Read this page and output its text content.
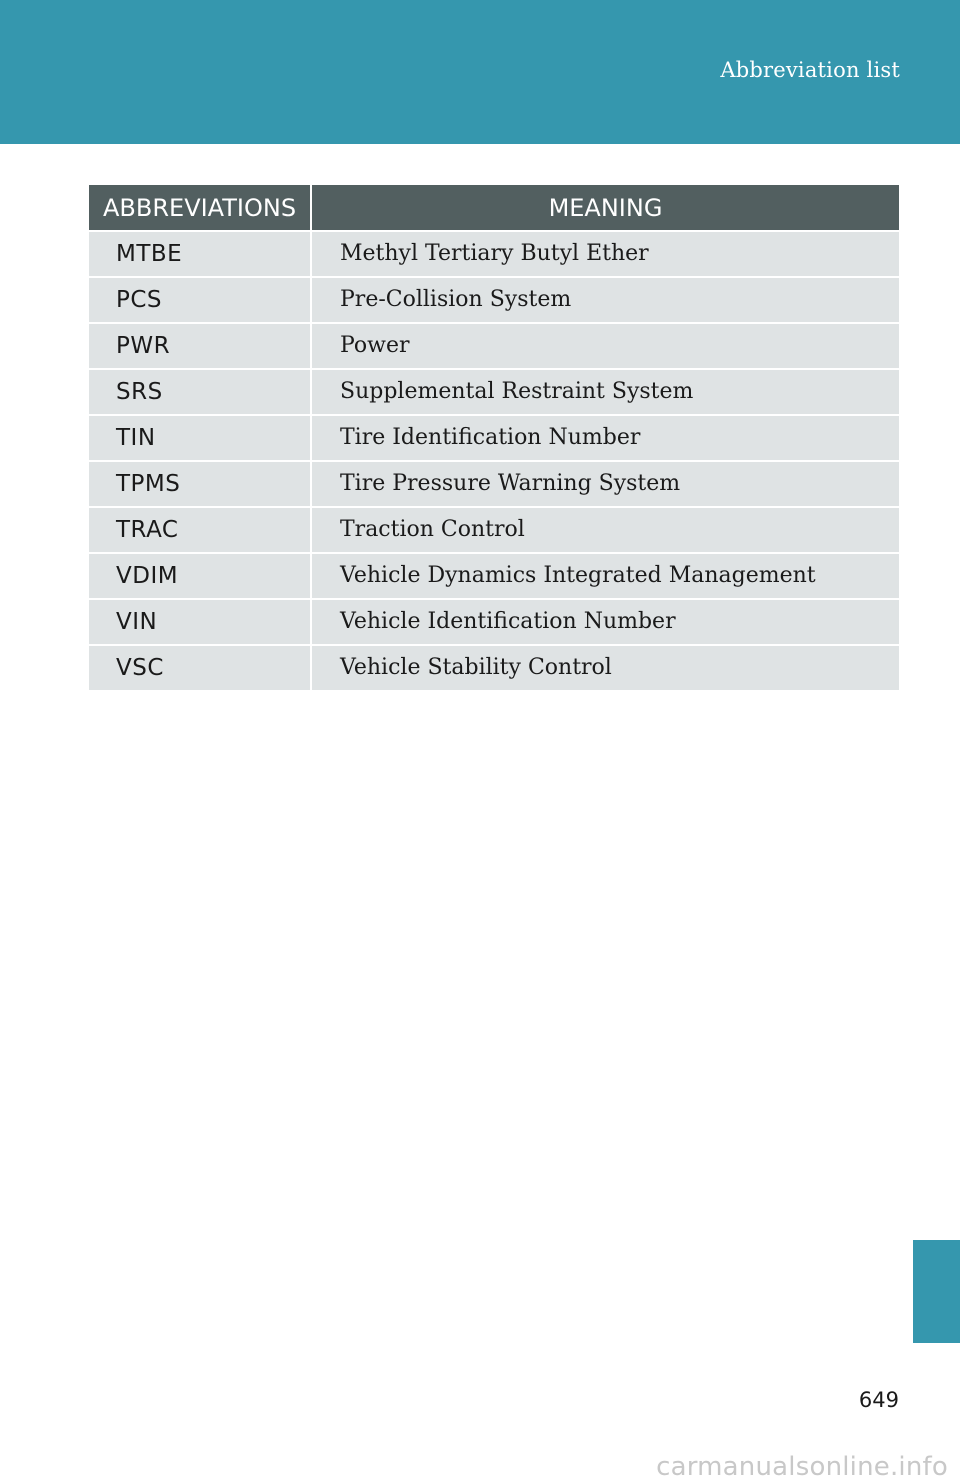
Abbreviation list
ABBREVIATIONS	MEANING
MTBE	Methyl Tertiary Butyl Ether
PCS	Pre-Collision System
PWR	Power
SRS	Supplemental Restraint System
TIN	Tire Identification Number
TPMS	Tire Pressure Warning System
TRAC	Traction Control
VDIM	Vehicle Dynamics Integrated Management
VIN	Vehicle Identification Number
VSC	Vehicle Stability Control
649
carmanualsonline.info
